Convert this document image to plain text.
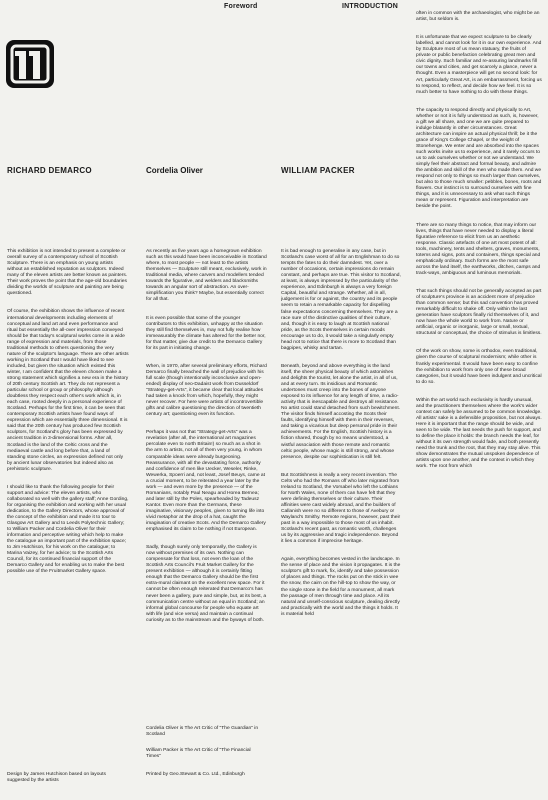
Foreword	INTRODUCTION
RICHARD DEMARCO	Cordelia Oliver	WILLIAM PACKER

This exhibition is not intended to present a complete or overall survey of a contemporary school of Scottish Sculpture. There is an emphasis on young artists without an established reputation as sculptors. Indeed many of the eleven artists are better known as painters. Their work proves the point that the age-old boundaries dividing the worlds of sculpture and painting are being questioned.

Of course, the exhibition shows the influence of recent international developments including elements of conceptual and land art and even performance and ritual but essentially the all-over impression conveyed should be that today's sculptural works come in a wide range of expression and materials, from those traditional methods to others questioning the very nature of the sculptor's language. There are other artists working in Scotland that I would have liked to see included, but given the situation which existed this winter, I am confident that the eleven chosen make a strong statement which signifies a new era in the history of 20th century Scottish art. They do not represent a particular school or group or philosophy although doubtless they respect each other's work which is, in each case, rooted deeply in a personal experience of Scotland. Perhaps for the first time, it can be seen that contemporary Scottish artists have found ways of expression which are essentially three dimensional. It is said that the 20th century has produced few Scottish sculptors, for Scotland's glory has been expressed by ancient tradition in 3-dimensional forms. After all, Scotland is the land of the Celtic cross and the mediaeval castle and long before that, a land of standing stone circles, an expression defined not only by ancient lunar observatories but indeed also as prehistoric sculpture.

I should like to thank the following people for their support and advice: The eleven artists, who collaborated so well with the gallery staff; Anne Gording, for organising the exhibition and working with her usual dedication, to the Gallery Directors, whose approval of the concept of the exhibition and made it to tour to Glasgow Art Gallery and to Leeds Polytechnic Gallery; to William Packer and Cordelia Oliver for their information and perceptive writing which help to make the catalogue an important part of the exhibition space; to Jim Hutchison, for his work on the catalogue; to Marina Vaizey, for her advice; to the Scottish Arts Council, for its continued financial support of the Demarco Gallery and for enabling us to make the best possible use of the Fruitmarket Gallery space.

As recently as five years ago a homegrown exhibition such as this would have been inconceivable in Scotland where, to most people — not least to the artists themselves — Sculpture still meant, exclusively, work in traditional media, where carvers and modellers tended towards the figurative, and welders and blacksmiths towards an angular sort of abstraction. An over-simplification you think? Maybe, but essentially correct for all that.

It is even possible that some of the younger contributors to this exhibition, unhappy at the situation they still find themselves in, may not fully realise how immeasurably the climate has altered for the better nor, for that matter, give due credit to the Demarco Gallery for its part in initiating change.

When, in 1970, after several preliminary efforts, Richard Demarco finally breached the wall of prejudice with his full scale (though intentionally inconclusive and open-ended) display of neo-Dadaist work from Dusseldorf "Strategy-get-Arts", it became clear that local attitudes had taken a knock from which, hopefully, they might never recover. For here were artists of incontrovertible gifts and calibre questioning the direction of twentieth century art; questioning even its function.

Perhaps it was not that "Strategy-get-Arts" was a revelation (after all, the international art magazines percolate even to north Britain!) so much as a shot in the arm to artists, not all of them very young, in whom comparable ideas were already burgeoning. Reassurance, with all the devastating force, authority and confidence of men like Uecker, Weseler, Rinke, Wewerka, Spoerri and, not least, Josef Beuys, came at a crucial moment, to be reiterated a year later by the work — and even more by the presence — of the Romanians, notably Paul Neagu and Horea Bernea; and later still by the Poles, spearheaded by Tadeusz Kantor. Even more than the Germans, these imaginative, visionary peoples, given to turning life into vivid metaphor at the drop of a hat, caught the imagination of creative Scots. And the Demarco Gallery emphasised its claim to be nothing if not European.

Sadly, though surely only temporarily, the Gallery is now without premises of its own. Nothing can compensate for that loss, not even the loan of the Scottish Arts Council's Fruit Market Gallery for the present exhibition — although it is certainly fitting enough that the Demarco Gallery should be the first extra-mural claimant on the excellent new space. For it cannot be often enough reiterated that Demarco's has never been a gallery, pure and simple, but, at its best, a communication centre without an equal in Scotland; an informal global concourse for people who equate art with life (and vice versa) and maintain a continual curiosity as to the mainstream and the byways of both.

It is bad enough to generalise in any case, but in Scotland's case worst of all for an Englishman to do so tempts the fates to do their damndest. Yet, over a number of occasions, certain impressions do remain constant, and perhaps are true. This visitor to Scotland, at least, is always impressed by the particularity of the experience, and Edinburgh is always a very foreign Capital, beautiful and strange. Whether, all in all, judgement is for or against, the country and its people seem to retain a remarkable capacity for dispelling false expectations concerning themselves. They are a race sure of the distinctive qualities of their culture, and, though it is easy to laugh at Scottish national pride, as the Scots themselves in certain moods encourage us to do, it would take a singularly empty head not to notice that there is more to Scotland than bagpipes, whisky and tartan.

Beneath, beyond and above everything is the land itself, the sheer physical beauty of which astonishes and delights the tourist, let alone the artist, in all of us, and at every turn. Its insidious and Romantic undertones must creep into the bones of anyone exposed to its influence for any length of time, a radio-activity that is inescapable and destroys all resistance. No artist could stand detached from such bewitchment. The visitor finds himself accosting the Scots their faults, identifying himself with them in their reverses, and taking a vicarious but deep personal pride in their achievements. For the English, Scottish history is a fiction shared, though by no means understood, a wistful association with those remote and romantic celtic people, whose magic is still strong, and whose presence, despite our sophistication is still felt.

But Scottishness is really a very recent invention. The Celts who had the Romans off who later migrated from Ireland to Scotland, the Vorsabel who left the Lothians for North Wales, none of them can have felt that they were defining themselves or their culture. Their affinities were cast widely abroad, and the builders of Callanish were no so different to those of Avebury or Wayland's Smithy. Remote regions, however, past their past in a way impossible to those most of us inhabit. Scotland's recent past, as romantic worth, challenges us by its aggressive and tragic independence. Beyond it lies a common if imprecise heritage.

Again, everything becomes vested in the landscape. In the sense of place and the vision it propagates. It is the sculptor's gift to mark, fix, identify and take possession of places and things. The rocks put on the stick in wee the snow, the cairn on the hill-top to show the way, or the single stone in the field for a monument, all mark the passage of men through time and place. All its natural and unself-conscious sculpture, dealing directly and practically with the world and the things it holds. It is material held

often in common with the archaeologist, who might be an artist, but seldom is.

It is unfortunate that we expect sculpture to be clearly labelled, and cannot look for it in our own experience. And by Sculpture most of us mean statuary, the fruits of private or public benefaction celebrating great men and civic dignity. Such familiar and re-assuring landmarks fill our towns and cities, and get scarcely a glance, never a thought. Even a masterpiece will get no second look: for Art, particularly Great Art, is an embarrassment, forcing us to respond, to reflect, and decide how we feel. It is so much better to have nothing to do with these things.

The capacity to respond directly and physically to Art, whether or not it is fully understood as such, is, however, a gift we all share, and one we are quite prepared to indulge blatantly in other circumstances. Great architecture can inspire an actual physical thrill; be it the grace of King's College Chapel, or the weight of Stonehenge. We enter and are absorbed into the spaces such works invite us to experience, and it rarely occurs to us to ask ourselves whether or not we understand. We simply feel their abstract and formal beauty, and admire the ambition and skill of the men who made them. And we respond not only to things so much larger than ourselves, but also to those much smaller: pebbles, bones, roots and flowers. Our instinct is to surround ourselves with fine things, and it is unnecessary to ask what such things mean or represent. Figuration and interpretation are beside the point.

There are so many things to notice, that may inform our lives, things that have never needed to display a literal figurative reference to elicit from us an aesthetic response. Classic artefacts of one art most potent of all: tools, machinery, tents and shelters, graves, monuments, totems and signs, pots and containers, things special and emphatically ordinary. Such forms are the most safe across the land itself, the earthworks, ditches, camps and track-ways, ambiguous and luminous memorials.

That such things should not be generally accepted as part of sculpture's province is an accident more of prejudice than common sense; but this sad convention has proved remarkably difficult to shake off. Only within the last generation have sculptors finally rid themselves of it, and now have the whole world to work from. Nature or artificial, organic or inorganic, large or small, textual, structural or conceptual, the choice of stimulus is limitless.

Of the work on show, some is orthodox, even traditional, given the course of sculptural modernism; while other is frankly experimental. It would have been easy to confine the exhibition to work from only one of these broad categories, but it would have been indulgent and uncritical to do so.

Within the art world such exclusivity is hardly unusual, and the practitioners themselves where the work's wider context can safely be assumed to be common knowledge. All artists' sake is a defensible proposition, but not always. Here it is important that the range should be wide, and seen to be wide. The last needs the push for support, and to define the place it holds: the branch needs the leaf, for without it its own strength would fade, and both presently need the trunk and the root, that they may stay alive. This show demonstrates the mutual unspoken dependence of artists upon one another, and the context in which they work. The root from which

Cordelia Oliver is The Art Critic of "The Guardian" in Scotland
William Packer is The Art Critic of "The Financial Times"
Design by James Hutchison based on layouts suggested by the artists
Printed by Geo.Stewart & Co. Ltd., Edinburgh
